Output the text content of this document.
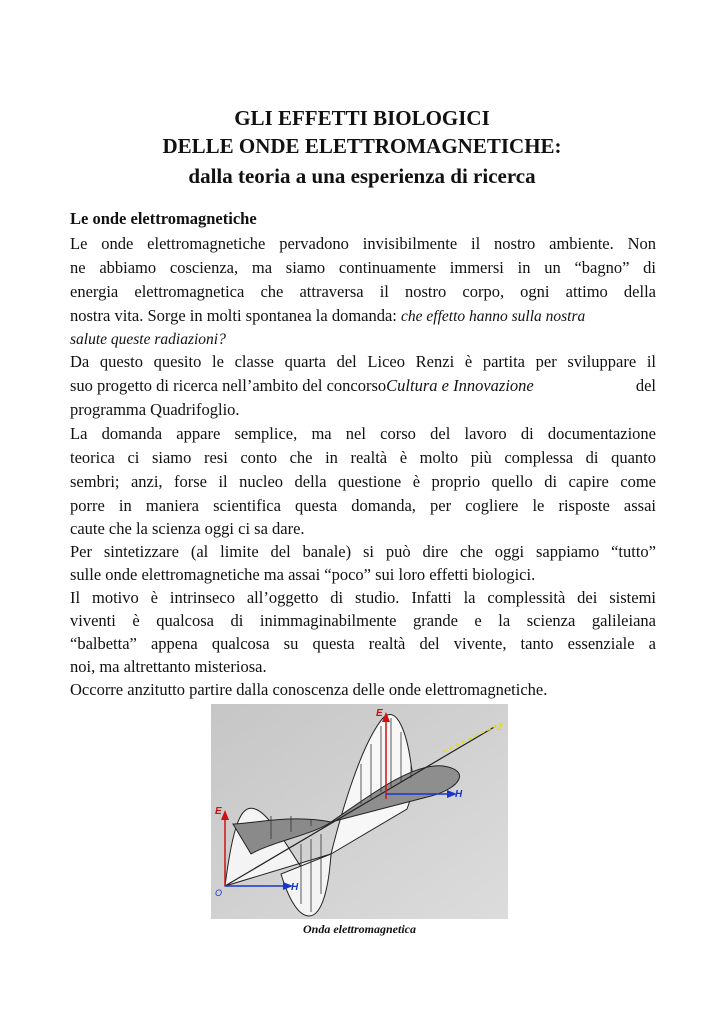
GLI EFFETTI BIOLOGICI
DELLE ONDE ELETTROMAGNETICHE:
dalla teoria a una esperienza di ricerca
Le onde elettromagnetiche
Le onde elettromagnetiche pervadono invisibilmente il nostro ambiente. Non
ne abbiamo coscienza, ma siamo continuamente immersi in un “bagno” di
energia elettromagnetica che attraversa il nostro corpo, ogni attimo della
nostra vita. Sorge in molti spontanea la domanda: che effetto hanno sulla nostra
salute queste radiazioni?
Da questo quesito le classe quarta del Liceo Renzi è partita per sviluppare il
suo progetto di ricerca nell’ambito del concorso Cultura e Innovazione	del
programma Quadrifoglio.
La domanda appare semplice, ma nel corso del lavoro di documentazione
teorica ci siamo resi conto che in realtà è molto più complessa di quanto
sembri; anzi, forse il nucleo della questione è proprio quello di capire come
porre in maniera scientifica questa domanda, per cogliere le risposte assai
caute che la scienza oggi ci sa dare.
Per sintetizzare (al limite del banale) si può dire che oggi sappiamo “tutto”
sulle onde elettromagnetiche ma assai “poco” sui loro effetti biologici.
Il motivo è intrinseco all’oggetto di studio. Infatti la complessità dei sistemi
viventi è qualcosa di inimmaginabilmente grande e la scienza galileiana
“balbetta” appena qualcosa su questa realtà del vivente, tanto essenziale a
noi, ma altrettanto misteriosa.
Occorre anzitutto partire dalla conoscenza delle onde elettromagnetiche.
E
H
Z
E
H
O
Onda elettromagnetica
